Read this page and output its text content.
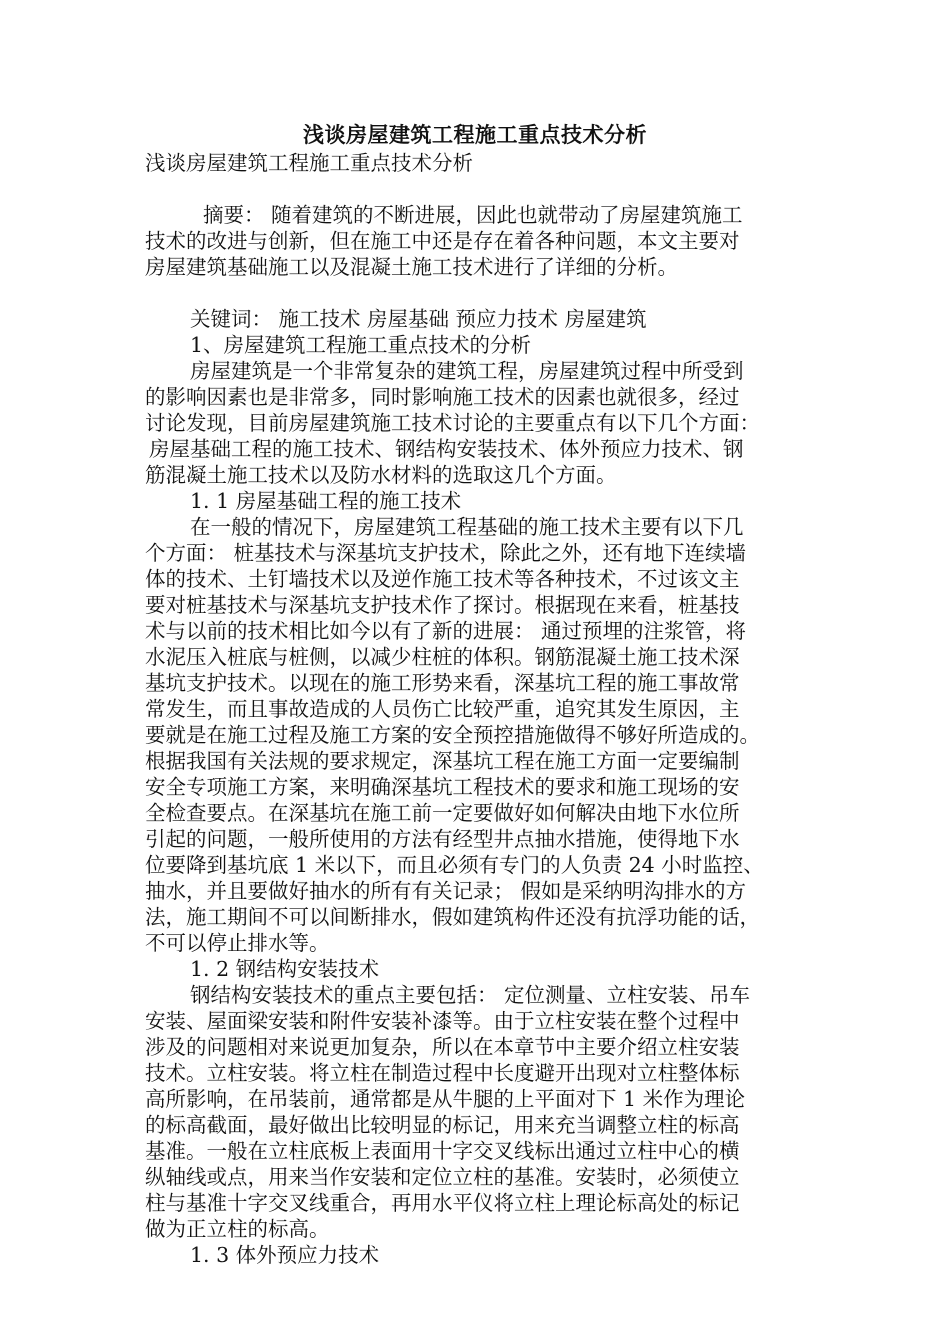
浅谈房屋建筑工程施工重点技术分析
浅谈房屋建筑工程施工重点技术分析
摘要： 随着建筑的不断进展，因此也就带动了房屋建筑施工
技术的改进与创新，但在施工中还是存在着各种问题，本文主要对
房屋建筑基础施工以及混凝土施工技术进行了详细的分析。
关键词： 施工技术 房屋基础 预应力技术 房屋建筑
1、房屋建筑工程施工重点技术的分析
房屋建筑是一个非常复杂的建筑工程，房屋建筑过程中所受到
的影响因素也是非常多，同时影响施工技术的因素也就很多，经过
讨论发现，目前房屋建筑施工技术讨论的主要重点有以下几个方面：
房屋基础工程的施工技术、钢结构安装技术、体外预应力技术、钢
筋混凝土施工技术以及防水材料的选取这几个方面。
1. 1 房屋基础工程的施工技术
在一般的情况下，房屋建筑工程基础的施工技术主要有以下几
个方面： 桩基技术与深基坑支护技术，除此之外，还有地下连续墙
体的技术、土钉墙技术以及逆作施工技术等各种技术，不过该文主
要对桩基技术与深基坑支护技术作了探讨。根据现在来看，桩基技
术与以前的技术相比如今以有了新的进展： 通过预埋的注浆管，将
水泥压入桩底与桩侧，以减少柱桩的体积。钢筋混凝土施工技术深
基坑支护技术。以现在的施工形势来看，深基坑工程的施工事故常
常发生，而且事故造成的人员伤亡比较严重，追究其发生原因，主
要就是在施工过程及施工方案的安全预控措施做得不够好所造成的。
根据我国有关法规的要求规定，深基坑工程在施工方面一定要编制
安全专项施工方案，来明确深基坑工程技术的要求和施工现场的安
全检查要点。在深基坑在施工前一定要做好如何解决由地下水位所
引起的问题，一般所使用的方法有经型井点抽水措施，使得地下水
位要降到基坑底 1 米以下，而且必须有专门的人负责 24 小时监控、
抽水，并且要做好抽水的所有有关记录； 假如是采纳明沟排水的方
法，施工期间不可以间断排水，假如建筑构件还没有抗浮功能的话，
不可以停止排水等。
1. 2 钢结构安装技术
钢结构安装技术的重点主要包括： 定位测量、立柱安装、吊车
安装、屋面梁安装和附件安装补漆等。由于立柱安装在整个过程中
涉及的问题相对来说更加复杂，所以在本章节中主要介绍立柱安装
技术。立柱安装。将立柱在制造过程中长度避开出现对立柱整体标
高所影响，在吊装前，通常都是从牛腿的上平面对下 1 米作为理论
的标高截面，最好做出比较明显的标记，用来充当调整立柱的标高
基准。一般在立柱底板上表面用十字交叉线标出通过立柱中心的横
纵轴线或点，用来当作安装和定位立柱的基准。安装时，必须使立
柱与基准十字交叉线重合，再用水平仪将立柱上理论标高处的标记
做为正立柱的标高。
1. 3 体外预应力技术
